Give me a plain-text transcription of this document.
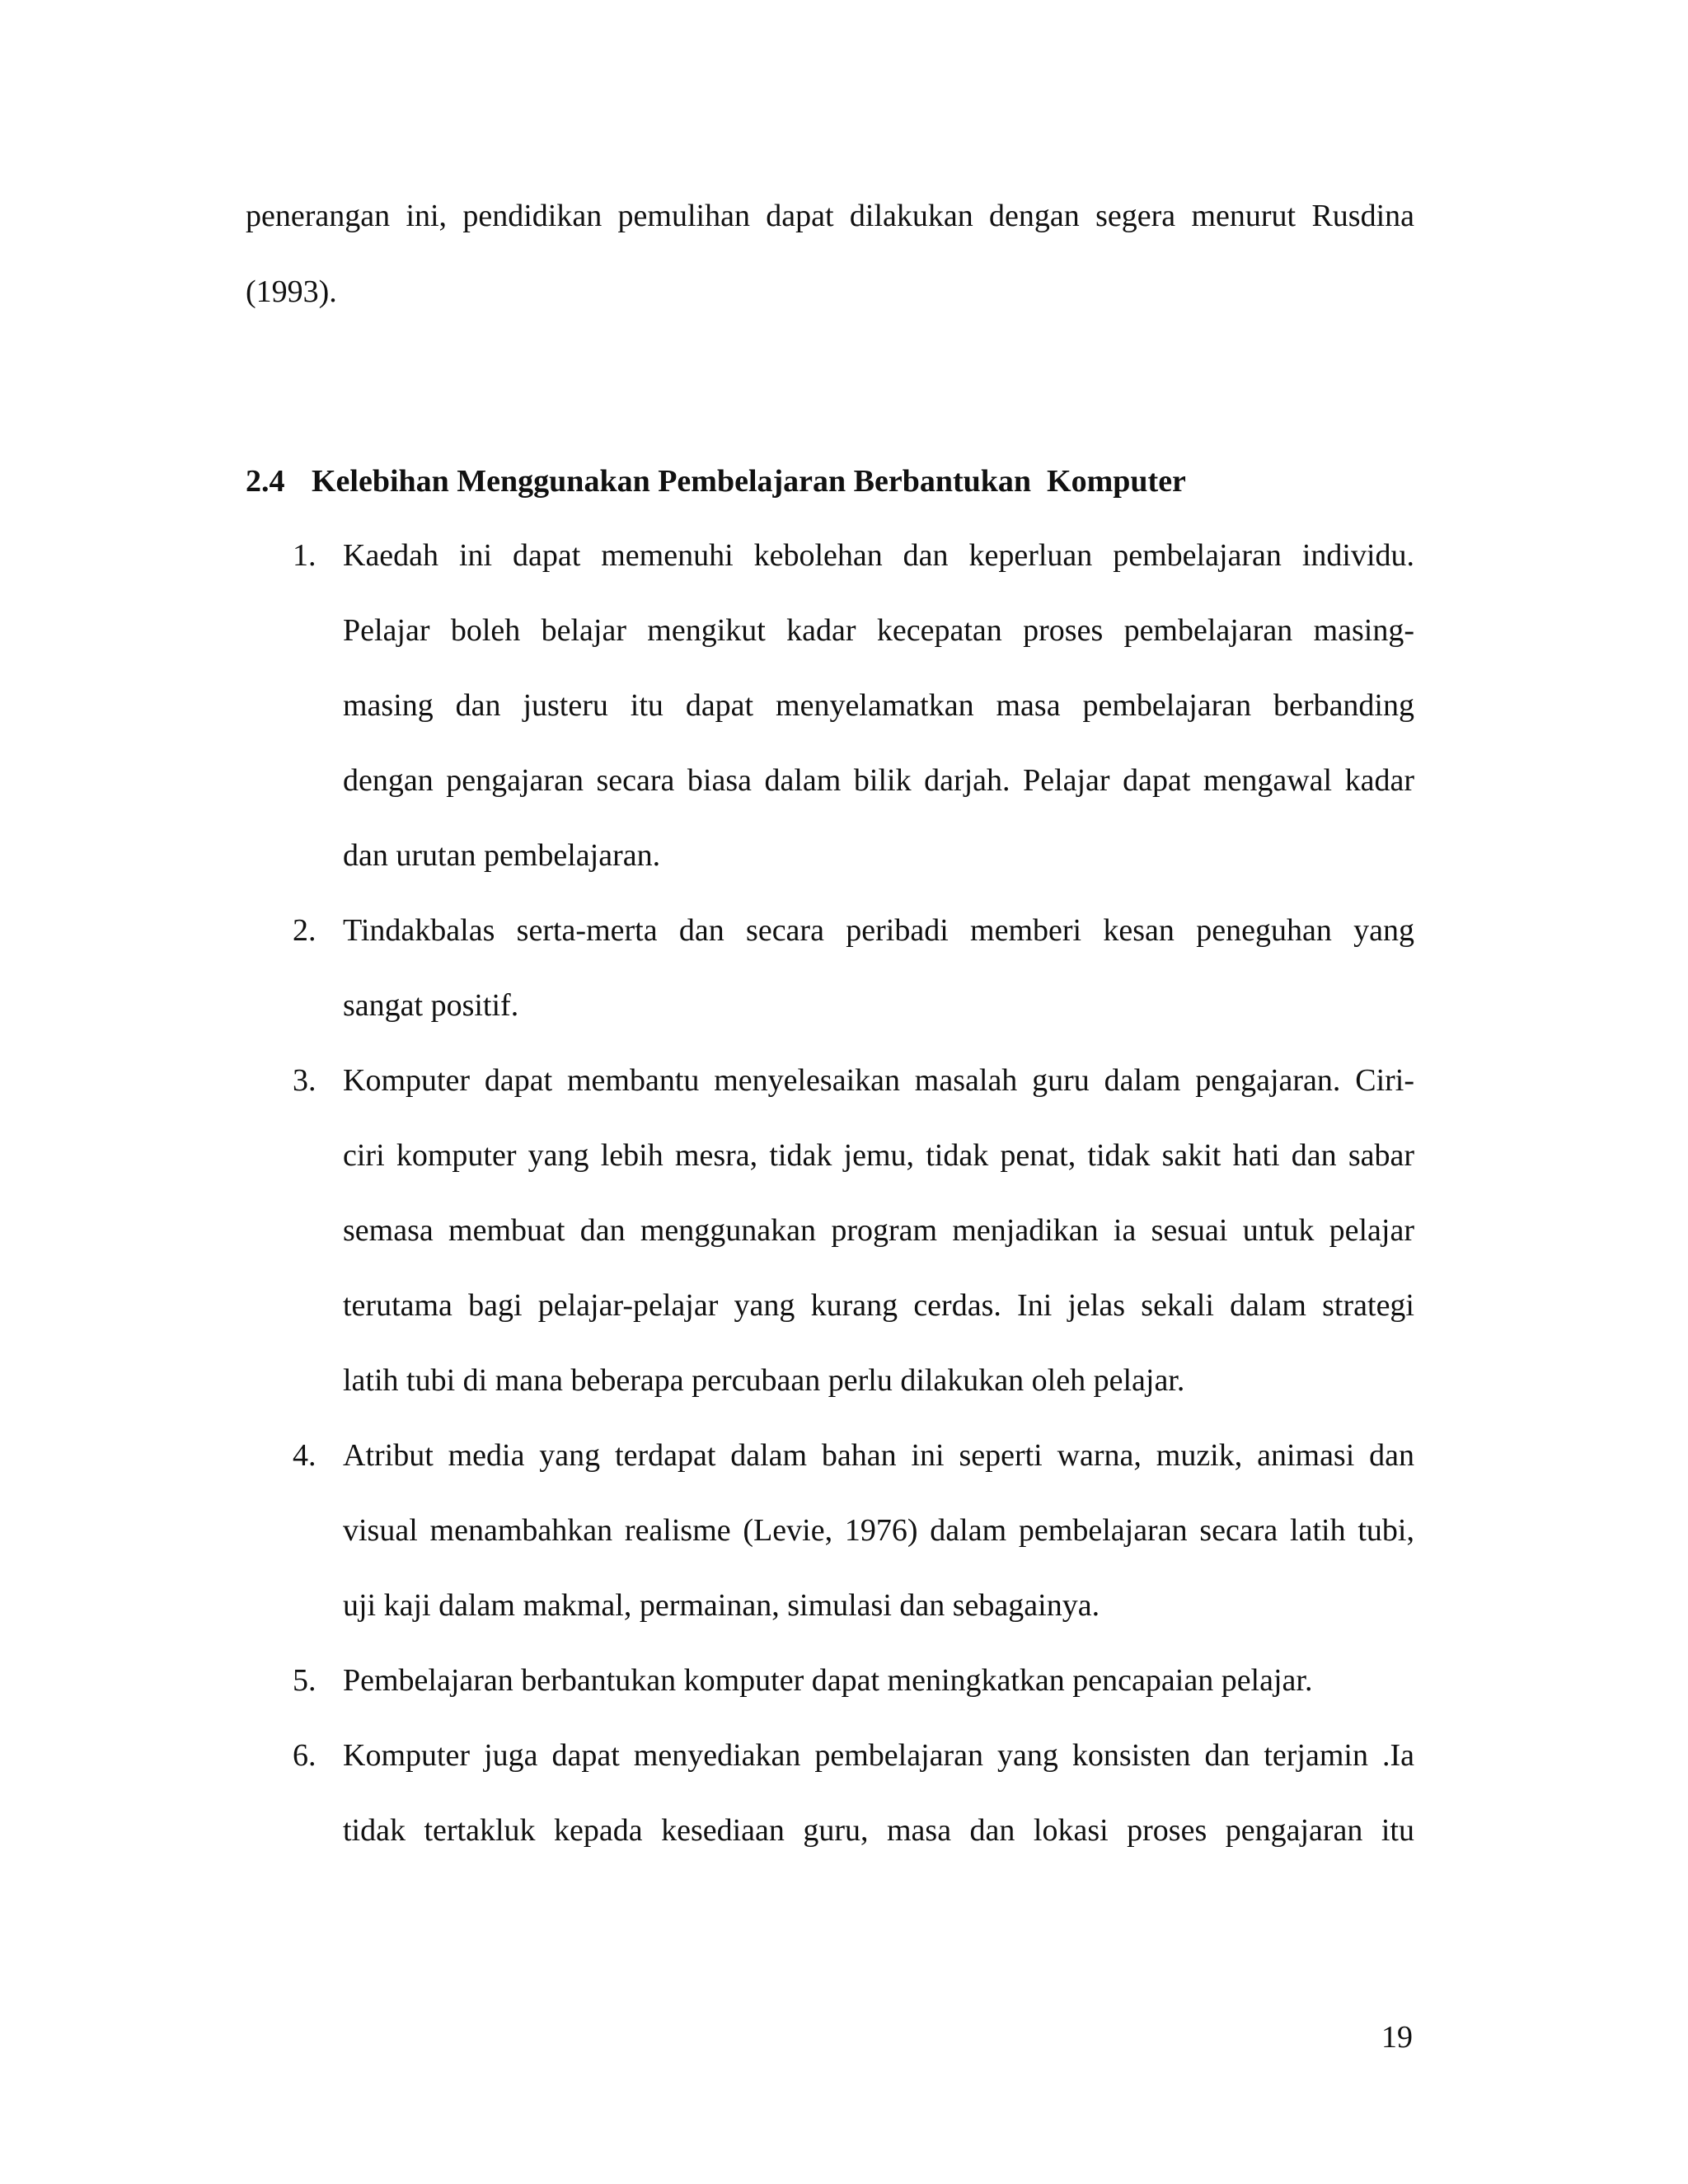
penerangan ini, pendidikan pemulihan dapat dilakukan dengan segera menurut Rusdina
(1993).
2.4 Kelebihan Menggunakan Pembelajaran Berbantukan  Komputer
1. Kaedah ini dapat memenuhi kebolehan dan keperluan pembelajaran individu.
Pelajar boleh belajar mengikut kadar kecepatan proses pembelajaran masing-
masing dan justeru itu dapat menyelamatkan masa pembelajaran berbanding
dengan pengajaran secara biasa dalam bilik darjah. Pelajar dapat mengawal kadar
dan urutan pembelajaran.
2. Tindakbalas serta-merta dan secara peribadi memberi kesan peneguhan yang
sangat positif.
3. Komputer dapat membantu menyelesaikan masalah guru dalam pengajaran. Ciri-
ciri komputer yang lebih mesra, tidak jemu, tidak penat, tidak sakit hati dan sabar
semasa membuat dan menggunakan program menjadikan ia sesuai untuk pelajar
terutama bagi pelajar-pelajar yang kurang cerdas. Ini jelas sekali dalam strategi
latih tubi di mana beberapa percubaan perlu dilakukan oleh pelajar.
4. Atribut media yang terdapat dalam bahan ini seperti warna, muzik, animasi dan
visual menambahkan realisme (Levie, 1976) dalam pembelajaran secara latih tubi,
uji kaji dalam makmal, permainan, simulasi dan sebagainya.
5. Pembelajaran berbantukan komputer dapat meningkatkan pencapaian pelajar.
6. Komputer juga dapat menyediakan pembelajaran yang konsisten dan terjamin .Ia
tidak tertakluk kepada kesediaan guru, masa dan lokasi proses pengajaran itu
19
